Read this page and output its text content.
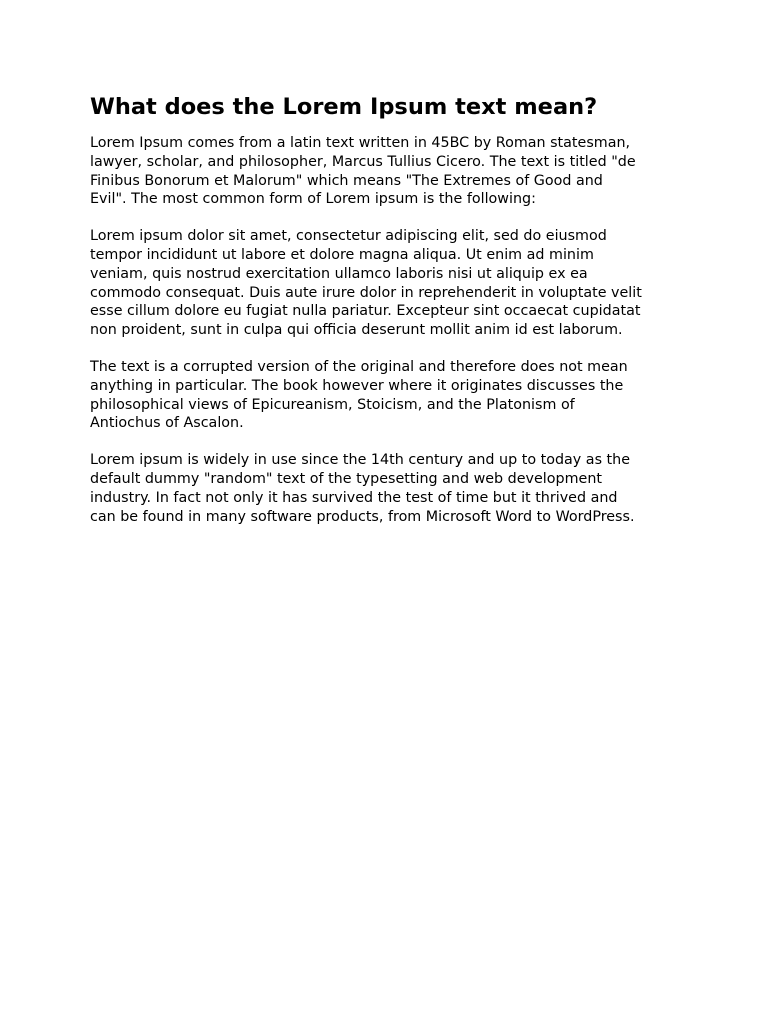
What does the Lorem Ipsum text mean?

Lorem Ipsum comes from a latin text written in 45BC by Roman statesman,
lawyer, scholar, and philosopher, Marcus Tullius Cicero. The text is titled "de
Finibus Bonorum et Malorum" which means "The Extremes of Good and
Evil". The most common form of Lorem ipsum is the following:

Lorem ipsum dolor sit amet, consectetur adipiscing elit, sed do eiusmod
tempor incididunt ut labore et dolore magna aliqua. Ut enim ad minim
veniam, quis nostrud exercitation ullamco laboris nisi ut aliquip ex ea
commodo consequat. Duis aute irure dolor in reprehenderit in voluptate velit
esse cillum dolore eu fugiat nulla pariatur. Excepteur sint occaecat cupidatat
non proident, sunt in culpa qui officia deserunt mollit anim id est laborum.

The text is a corrupted version of the original and therefore does not mean
anything in particular. The book however where it originates discusses the
philosophical views of Epicureanism, Stoicism, and the Platonism of
Antiochus of Ascalon.

Lorem ipsum is widely in use since the 14th century and up to today as the
default dummy "random" text of the typesetting and web development
industry. In fact not only it has survived the test of time but it thrived and
can be found in many software products, from Microsoft Word to WordPress.
